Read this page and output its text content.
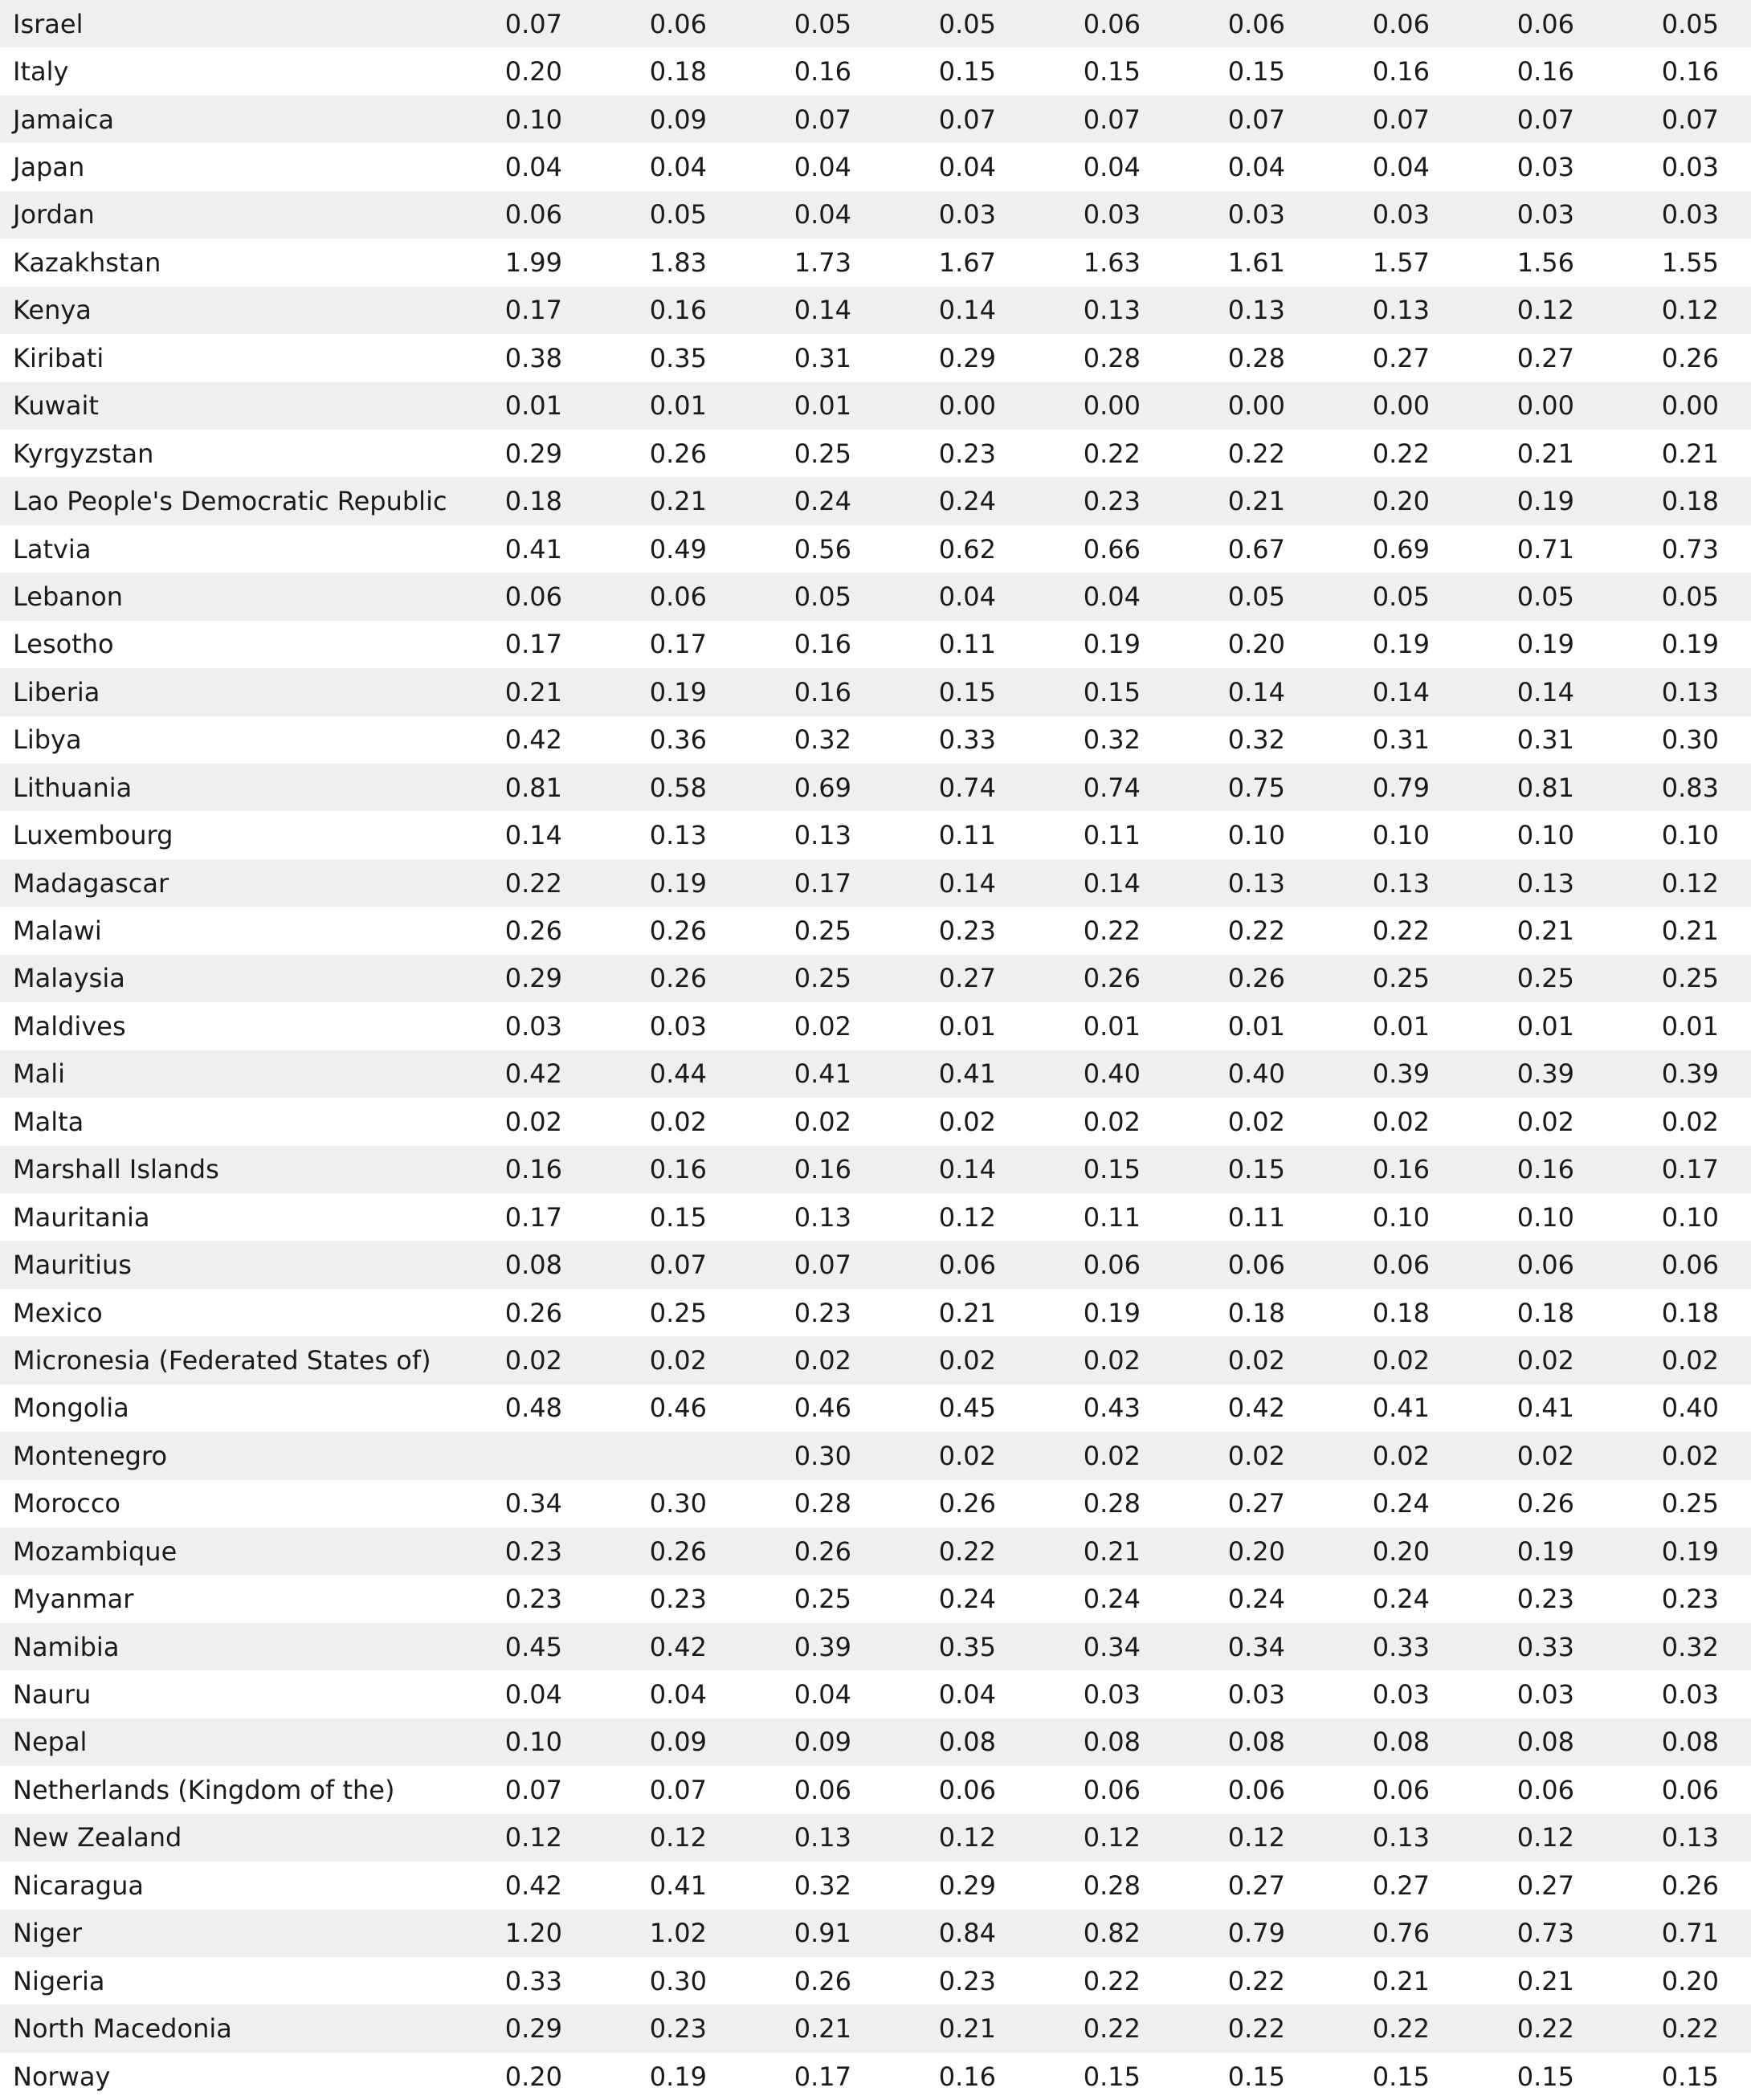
Israel	0.07	0.06	0.05	0.05	0.06	0.06	0.06	0.06	0.05
Italy	0.20	0.18	0.16	0.15	0.15	0.15	0.16	0.16	0.16
Jamaica	0.10	0.09	0.07	0.07	0.07	0.07	0.07	0.07	0.07
Japan	0.04	0.04	0.04	0.04	0.04	0.04	0.04	0.03	0.03
Jordan	0.06	0.05	0.04	0.03	0.03	0.03	0.03	0.03	0.03
Kazakhstan	1.99	1.83	1.73	1.67	1.63	1.61	1.57	1.56	1.55
Kenya	0.17	0.16	0.14	0.14	0.13	0.13	0.13	0.12	0.12
Kiribati	0.38	0.35	0.31	0.29	0.28	0.28	0.27	0.27	0.26
Kuwait	0.01	0.01	0.01	0.00	0.00	0.00	0.00	0.00	0.00
Kyrgyzstan	0.29	0.26	0.25	0.23	0.22	0.22	0.22	0.21	0.21
Lao People's Democratic Republic	0.18	0.21	0.24	0.24	0.23	0.21	0.20	0.19	0.18
Latvia	0.41	0.49	0.56	0.62	0.66	0.67	0.69	0.71	0.73
Lebanon	0.06	0.06	0.05	0.04	0.04	0.05	0.05	0.05	0.05
Lesotho	0.17	0.17	0.16	0.11	0.19	0.20	0.19	0.19	0.19
Liberia	0.21	0.19	0.16	0.15	0.15	0.14	0.14	0.14	0.13
Libya	0.42	0.36	0.32	0.33	0.32	0.32	0.31	0.31	0.30
Lithuania	0.81	0.58	0.69	0.74	0.74	0.75	0.79	0.81	0.83
Luxembourg	0.14	0.13	0.13	0.11	0.11	0.10	0.10	0.10	0.10
Madagascar	0.22	0.19	0.17	0.14	0.14	0.13	0.13	0.13	0.12
Malawi	0.26	0.26	0.25	0.23	0.22	0.22	0.22	0.21	0.21
Malaysia	0.29	0.26	0.25	0.27	0.26	0.26	0.25	0.25	0.25
Maldives	0.03	0.03	0.02	0.01	0.01	0.01	0.01	0.01	0.01
Mali	0.42	0.44	0.41	0.41	0.40	0.40	0.39	0.39	0.39
Malta	0.02	0.02	0.02	0.02	0.02	0.02	0.02	0.02	0.02
Marshall Islands	0.16	0.16	0.16	0.14	0.15	0.15	0.16	0.16	0.17
Mauritania	0.17	0.15	0.13	0.12	0.11	0.11	0.10	0.10	0.10
Mauritius	0.08	0.07	0.07	0.06	0.06	0.06	0.06	0.06	0.06
Mexico	0.26	0.25	0.23	0.21	0.19	0.18	0.18	0.18	0.18
Micronesia (Federated States of)	0.02	0.02	0.02	0.02	0.02	0.02	0.02	0.02	0.02
Mongolia	0.48	0.46	0.46	0.45	0.43	0.42	0.41	0.41	0.40
Montenegro			0.30	0.02	0.02	0.02	0.02	0.02	0.02
Morocco	0.34	0.30	0.28	0.26	0.28	0.27	0.24	0.26	0.25
Mozambique	0.23	0.26	0.26	0.22	0.21	0.20	0.20	0.19	0.19
Myanmar	0.23	0.23	0.25	0.24	0.24	0.24	0.24	0.23	0.23
Namibia	0.45	0.42	0.39	0.35	0.34	0.34	0.33	0.33	0.32
Nauru	0.04	0.04	0.04	0.04	0.03	0.03	0.03	0.03	0.03
Nepal	0.10	0.09	0.09	0.08	0.08	0.08	0.08	0.08	0.08
Netherlands (Kingdom of the)	0.07	0.07	0.06	0.06	0.06	0.06	0.06	0.06	0.06
New Zealand	0.12	0.12	0.13	0.12	0.12	0.12	0.13	0.12	0.13
Nicaragua	0.42	0.41	0.32	0.29	0.28	0.27	0.27	0.27	0.26
Niger	1.20	1.02	0.91	0.84	0.82	0.79	0.76	0.73	0.71
Nigeria	0.33	0.30	0.26	0.23	0.22	0.22	0.21	0.21	0.20
North Macedonia	0.29	0.23	0.21	0.21	0.22	0.22	0.22	0.22	0.22
Norway	0.20	0.19	0.17	0.16	0.15	0.15	0.15	0.15	0.15
